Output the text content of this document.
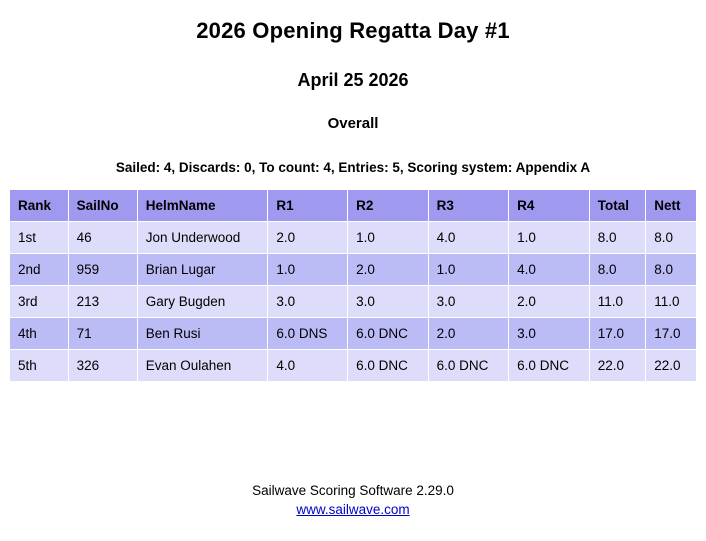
2026 Opening Regatta Day #1
April 25 2026
Overall
Sailed: 4, Discards: 0, To count: 4, Entries: 5, Scoring system: Appendix A
Rank	SailNo	HelmName	R1	R2	R3	R4	Total	Nett
1st	46	Jon Underwood	2.0	1.0	4.0	1.0	8.0	8.0
2nd	959	Brian Lugar	1.0	2.0	1.0	4.0	8.0	8.0
3rd	213	Gary Bugden	3.0	3.0	3.0	2.0	11.0	11.0
4th	71	Ben Rusi	6.0 DNS	6.0 DNC	2.0	3.0	17.0	17.0
5th	326	Evan Oulahen	4.0	6.0 DNC	6.0 DNC	6.0 DNC	22.0	22.0
Sailwave Scoring Software 2.29.0
www.sailwave.com
